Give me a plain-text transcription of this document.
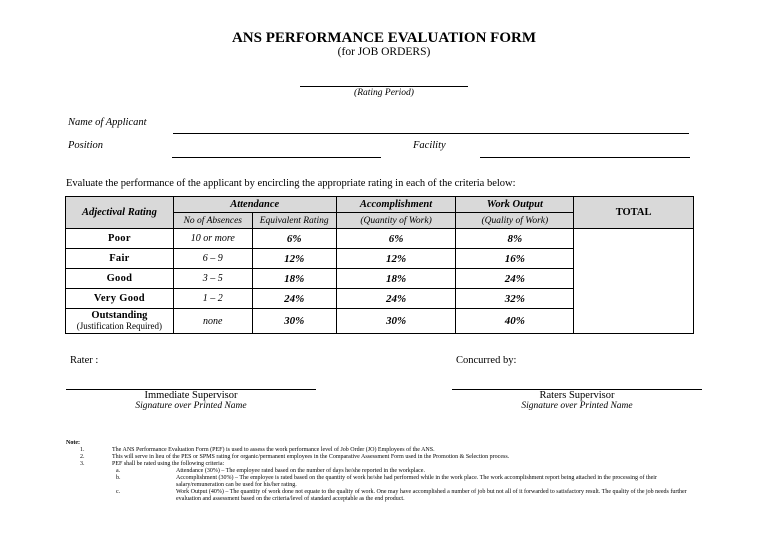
ANS PERFORMANCE EVALUATION FORM
(for JOB ORDERS)
(Rating Period)
Name of Applicant
Position	Facility
Evaluate the performance of the applicant by encircling the appropriate rating in each of the criteria below:
Adjectival Rating	Attendance		Accomplishment	Work Output	TOTAL
	No of Absences	Equivalent Rating	(Quantity of Work)	(Quality of Work)	
Poor	10 or more	6%	6%	8%	
Fair	6 – 9	12%	12%	16%	
Good	3 – 5	18%	18%	24%	
Very Good	1 – 2	24%	24%	32%	

Outstanding
(Justification Required)	none	30%	30%	40%	
Rater :	Concurred by:
Immediate Supervisor
Signature over Printed Name
Raters Supervisor
Signature over Printed Name
Note:
1.	The ANS Performance Evaluation Form (PEF) is used to assess the work performance level of Job Order (JO) Employees of the ANS.
2.	This will serve in lieu of the PES or SPMS rating for organic/permanent employees in the Comparative Assessment Form used in the Promotion & Selection process.
3.	PEF shall be rated using the following criteria:
a.	Attendance (30%) – The employee rated based on the number of days he/she reported in the workplace.
b.	Accomplishment (30%) – The employee is rated based on the quantity of work he/she had performed while in the work place. The work accomplishment report being attached in the processing of their salary/remuneration can be used for his/her rating.
c.	Work Output (40%) – The quantity of work done not equate to the quality of work. One may have accomplished a number of job but not all of it forwarded to satisfactory result. The quality of the job needs further evaluation and assessment based on the criteria/level of standard acceptable as the end product.
